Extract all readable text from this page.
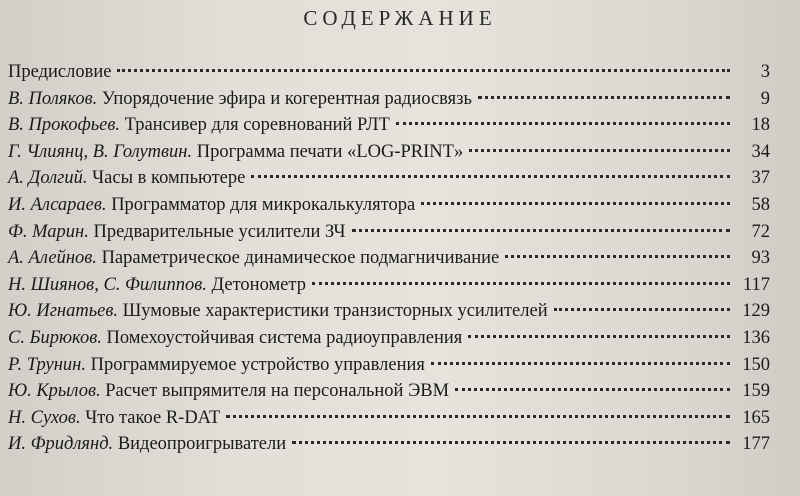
СОДЕРЖАНИЕ
Предисловие	3
В. Поляков. Упорядочение эфира и когерентная радиосвязь	9
В. Прокофьев. Трансивер для соревнований РЛТ	18
Г. Члиянц, В. Голутвин. Программа печати «LOG-PRINT»	34
А. Долгий. Часы в компьютере	37
И. Алсараев. Программатор для микрокалькулятора	58
Ф. Марин. Предварительные усилители ЗЧ	72
А. Алейнов. Параметрическое динамическое подмагничивание	93
Н. Шиянов, С. Филиппов. Детонометр	117
Ю. Игнатьев. Шумовые характеристики транзисторных усилителей	129
С. Бирюков. Помехоустойчивая система радиоуправления	136
Р. Трунин. Программируемое устройство управления	150
Ю. Крылов. Расчет выпрямителя на персональной ЭВМ	159
Н. Сухов. Что такое R-DAT	165
И. Фридлянд. Видеопроигрыватели	177
